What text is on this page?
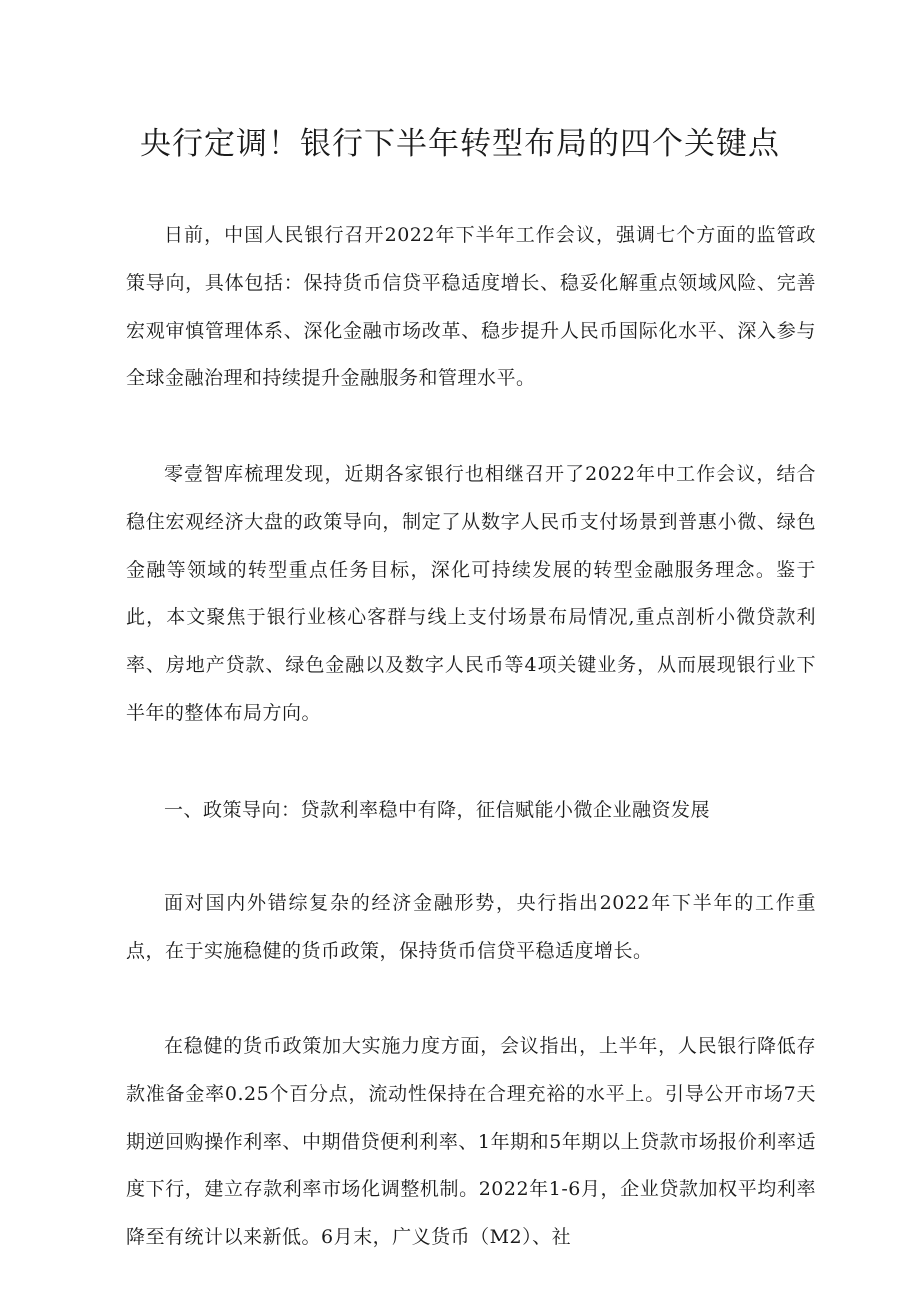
央行定调！银行下半年转型布局的四个关键点
日前，中国人民银行召开2022年下半年工作会议，强调七个方面的监管政策导向，具体包括：保持货币信贷平稳适度增长、稳妥化解重点领域风险、完善宏观审慎管理体系、深化金融市场改革、稳步提升人民币国际化水平、深入参与全球金融治理和持续提升金融服务和管理水平。
零壹智库梳理发现，近期各家银行也相继召开了2022年中工作会议，结合稳住宏观经济大盘的政策导向，制定了从数字人民币支付场景到普惠小微、绿色金融等领域的转型重点任务目标，深化可持续发展的转型金融服务理念。鉴于此，本文聚焦于银行业核心客群与线上支付场景布局情况,重点剖析小微贷款利率、房地产贷款、绿色金融以及数字人民币等4项关键业务，从而展现银行业下半年的整体布局方向。
一、政策导向：贷款利率稳中有降，征信赋能小微企业融资发展
面对国内外错综复杂的经济金融形势，央行指出2022年下半年的工作重点，在于实施稳健的货币政策，保持货币信贷平稳适度增长。
在稳健的货币政策加大实施力度方面，会议指出，上半年，人民银行降低存款准备金率0.25个百分点，流动性保持在合理充裕的水平上。引导公开市场7天期逆回购操作利率、中期借贷便利利率、1年期和5年期以上贷款市场报价利率适度下行，建立存款利率市场化调整机制。2022年1-6月，企业贷款加权平均利率降至有统计以来新低。6月末，广义货币（M2）、社
